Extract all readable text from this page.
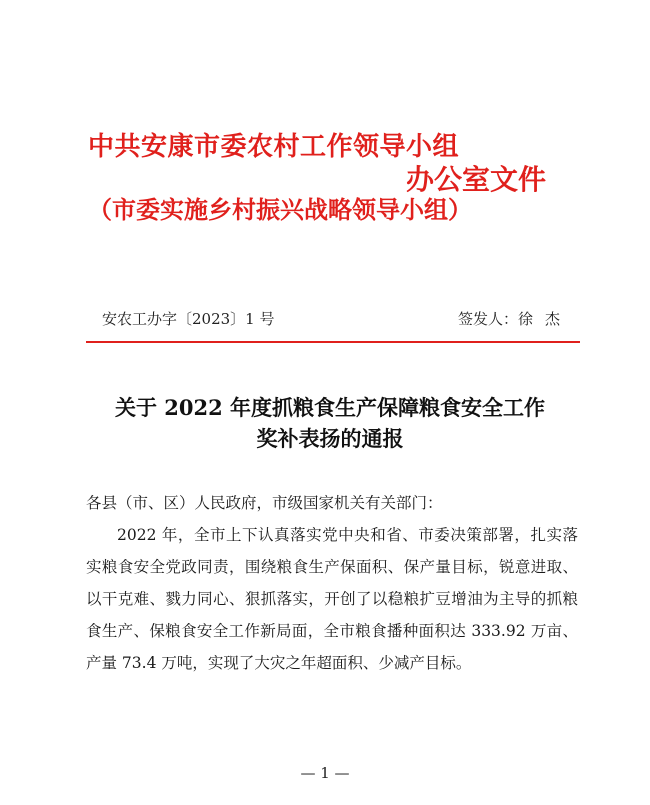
中共安康市委农村工作领导小组
办公室文件
（市委实施乡村振兴战略领导小组）
安农工办字〔2023〕1 号	签发人：徐杰
关于 2022 年度抓粮食生产保障粮食安全工作
奖补表扬的通报

各县（市、区）人民政府，市级国家机关有关部门：

2022 年，全市上下认真落实党中央和省、市委决策部署，扎实落实粮食安全党政同责，围绕粮食生产保面积、保产量目标，锐意进取、以干克难、戮力同心、狠抓落实，开创了以稳粮扩豆增油为主导的抓粮食生产、保粮食安全工作新局面，全市粮食播种面积达 333.92 万亩、产量 73.4 万吨，实现了大灾之年超面积、少减产目标。

— 1 —
